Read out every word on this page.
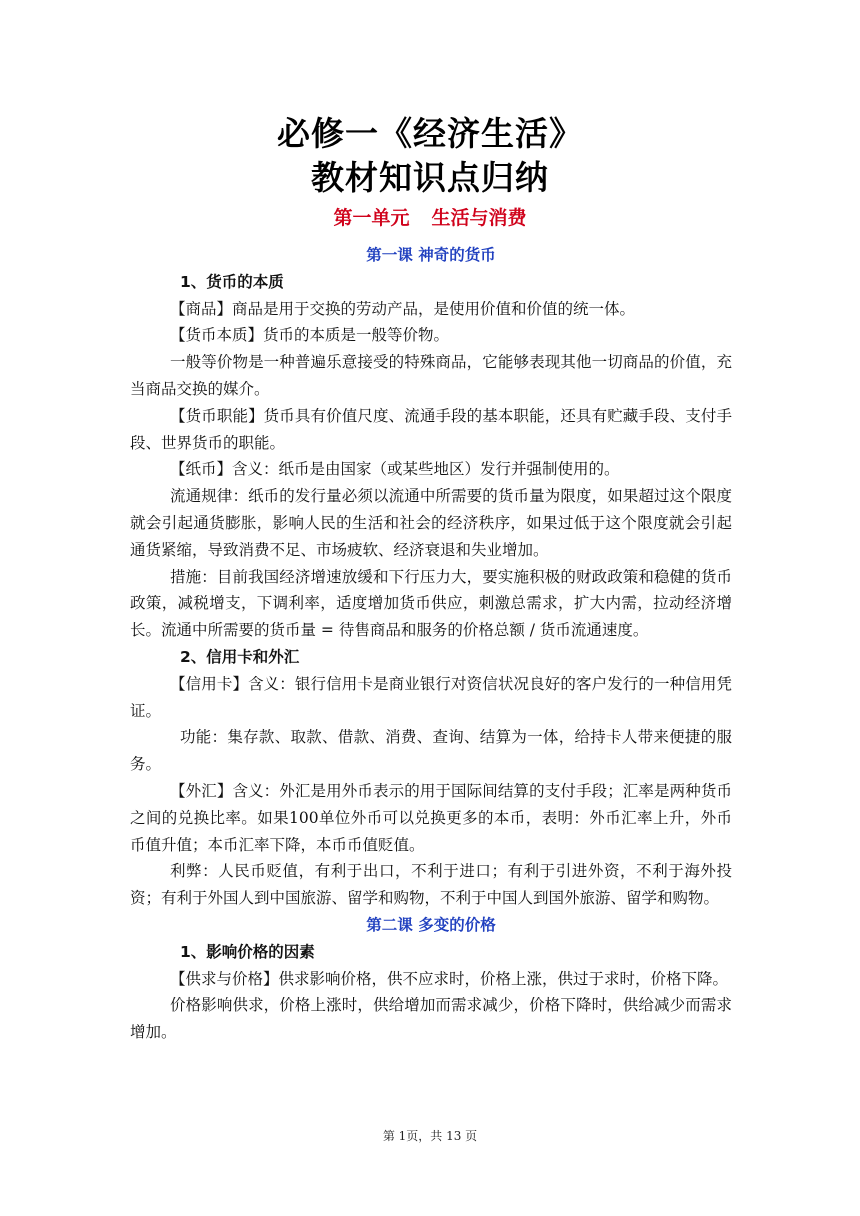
必修一《经济生活》
教材知识点归纳
第一单元 生活与消费
第一课 神奇的货币
1、货币的本质

【商品】商品是用于交换的劳动产品，是使用价值和价值的统一体。

【货币本质】货币的本质是一般等价物。

一般等价物是一种普遍乐意接受的特殊商品，它能够表现其他一切商品的价值，充当商品交换的媒介。

【货币职能】货币具有价值尺度、流通手段的基本职能，还具有贮藏手段、支付手段、世界货币的职能。

【纸币】含义：纸币是由国家（或某些地区）发行并强制使用的。

流通规律：纸币的发行量必须以流通中所需要的货币量为限度，如果超过这个限度就会引起通货膨胀，影响人民的生活和社会的经济秩序，如果过低于这个限度就会引起通货紧缩，导致消费不足、市场疲软、经济衰退和失业增加。

措施：目前我国经济增速放缓和下行压力大，要实施积极的财政政策和稳健的货币政策，减税增支，下调利率，适度增加货币供应，刺激总需求，扩大内需，拉动经济增长。流通中所需要的货币量 = 待售商品和服务的价格总额 / 货币流通速度。

2、信用卡和外汇

【信用卡】含义：银行信用卡是商业银行对资信状况良好的客户发行的一种信用凭证。

功能：集存款、取款、借款、消费、查询、结算为一体，给持卡人带来便捷的服务。

【外汇】含义：外汇是用外币表示的用于国际间结算的支付手段；汇率是两种货币之间的兑换比率。如果100单位外币可以兑换更多的本币，表明：外币汇率上升，外币币值升值；本币汇率下降，本币币值贬值。

利弊：人民币贬值，有利于出口，不利于进口；有利于引进外资，不利于海外投资；有利于外国人到中国旅游、留学和购物，不利于中国人到国外旅游、留学和购物。

第二课 多变的价格
1、影响价格的因素

【供求与价格】供求影响价格，供不应求时，价格上涨，供过于求时，价格下降。

价格影响供求，价格上涨时，供给增加而需求减少，价格下降时，供给减少而需求增加。

第 1页，共 13 页
